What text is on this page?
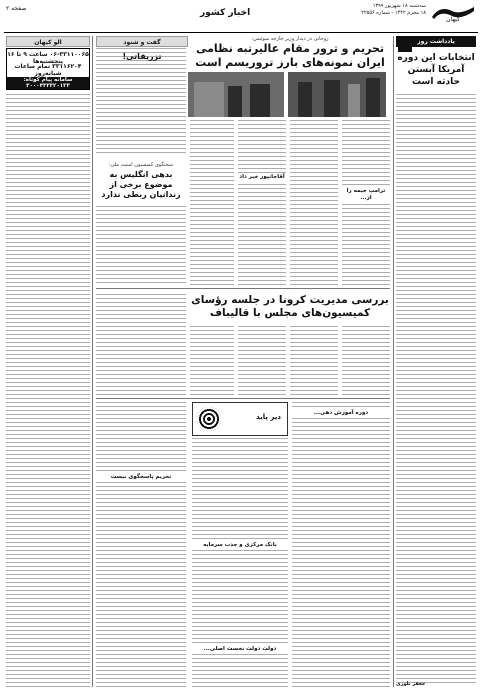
کیهان
سه‌شنبه ۱۸ شهریور ۱۳۹۹
۱۸ محرم ۱۴۴۲ - شماره ۲۲۵۵۶
اخبار کشور
صفحه ۲
یادداشت روز
انتخابات این دوره آمریکا آبستن حادثه است
جعفر بلوری
روحانی در دیدار وزیر خارجه سوئیس:
تحریم و ترور مقام عالیرتبه نظامی ایران نمونه‌های بارز تروریسم است
ترامپ خیمه را از...
آقاجانپور خبر داد
سخنگوی کمیسیون امنیت ملی:
بدهی انگلیس به موضوع برخی از زندانیان ربطی ندارد
بررسی مدیریت کرونا در جلسه رؤسای کمیسیون‌های مجلس با قالیباف
دوره آموزش دهی...
دیر پاید
بانک مرکزی و جذب سرمایه
دولت دولت نخست اصلی...
تحریم پاسخگوی نیست
الو کیهان
۰۶-۳۳۱۱۰۰۶۵ ساعت ۹ تا ۱۶ پنجشنبه‌ها
۳۳۱۱۶۲۰۴ تمام ساعات شبانه‌روز
سامانه پیام کوتاه: ۳۰۰۰۴۳۳۳۲۰۱۲۳
گفت و شنود
تزریقاتی!
